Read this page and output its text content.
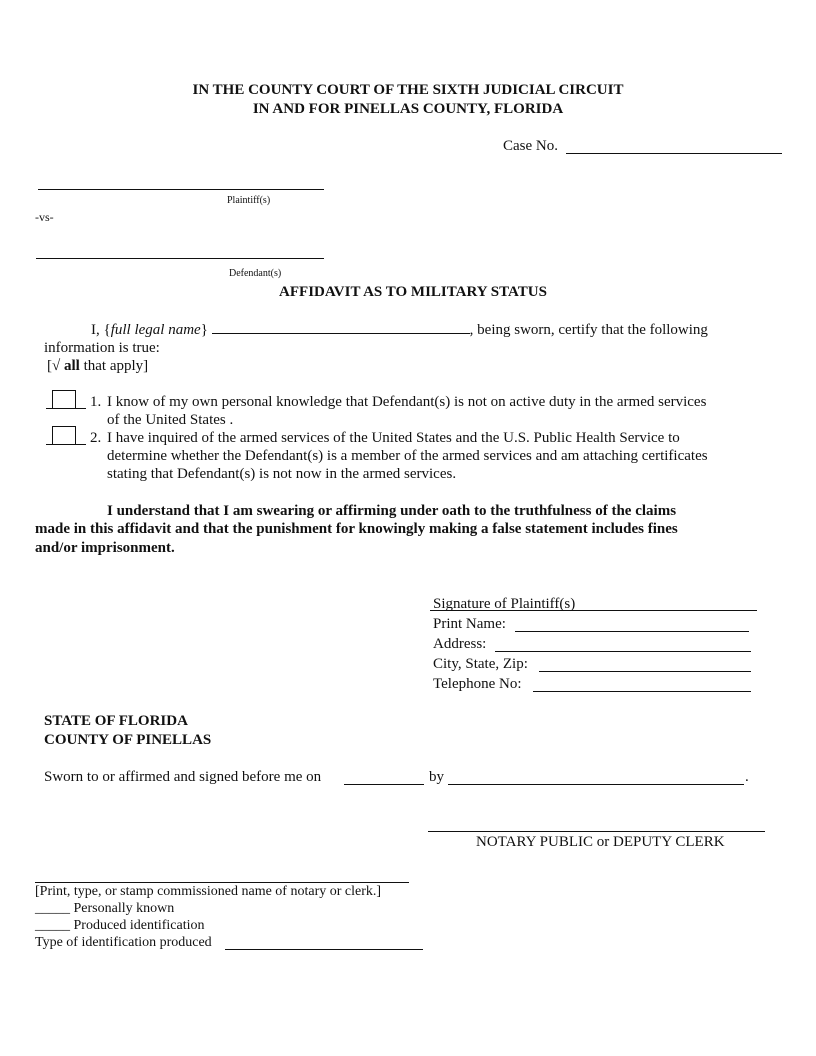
IN THE COUNTY COURT OF THE SIXTH JUDICIAL CIRCUIT
IN AND FOR PINELLAS COUNTY, FLORIDA
Case No.
Plaintiff(s)
-vs-
Defendant(s)
AFFIDAVIT AS TO MILITARY STATUS
I, {full legal name}	, being sworn, certify that the following
information is true:
[√ all that apply]
1. I know of my own personal knowledge that Defendant(s) is not on active duty in the armed services
of the United States .
2. I have inquired of the armed services of the United States and the U.S. Public Health Service to
determine whether the Defendant(s) is a member of the armed services and am attaching certificates
stating that Defendant(s) is not now in the armed services.
I understand that I am swearing or affirming under oath to the truthfulness of the claims
made in this affidavit and that the punishment for knowingly making a false statement includes fines
and/or imprisonment.
Signature of Plaintiff(s)
Print Name:
Address:
City, State, Zip:
Telephone No:
STATE OF FLORIDA
COUNTY OF PINELLAS
Sworn to or affirmed and signed before me on	by	.
NOTARY PUBLIC or DEPUTY CLERK
[Print, type, or stamp commissioned name of notary or clerk.]
_____ Personally known
_____ Produced identification
Type of identification produced
